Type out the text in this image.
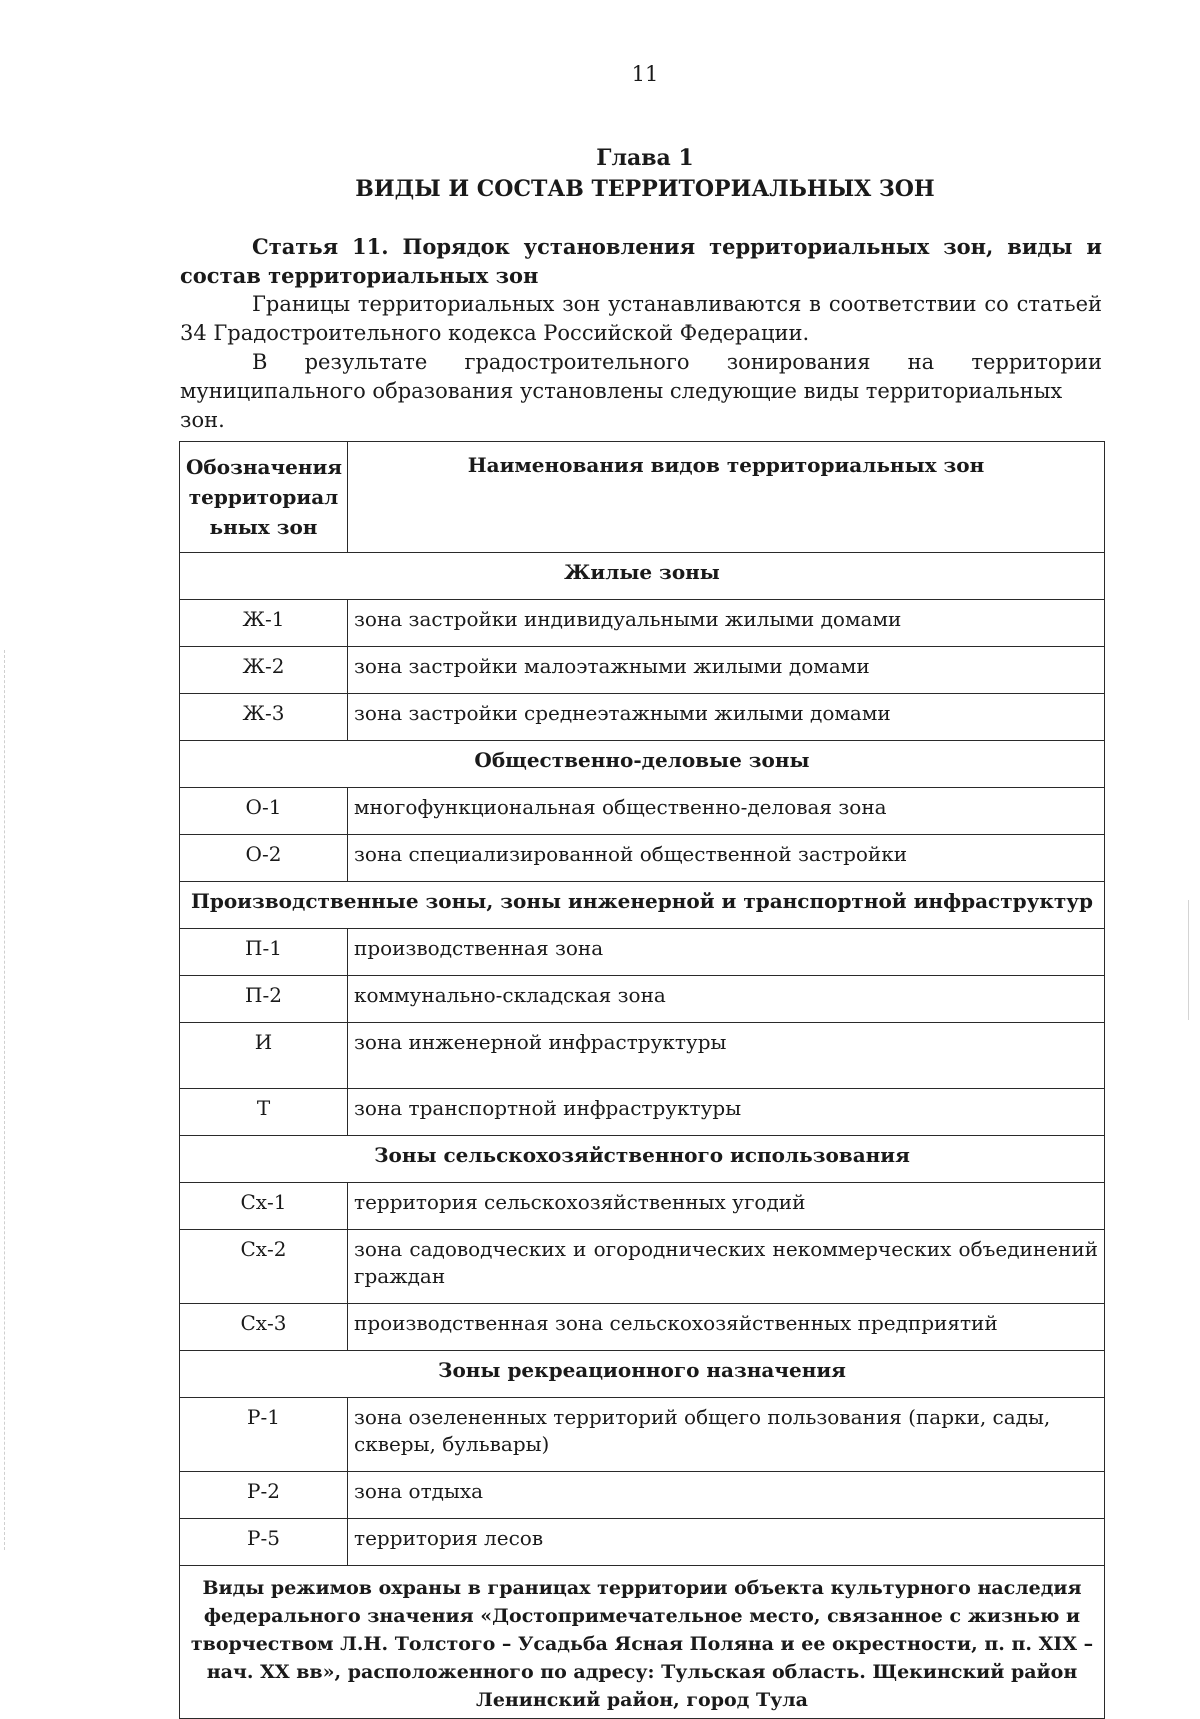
11
Глава 1
ВИДЫ И СОСТАВ ТЕРРИТОРИАЛЬНЫХ ЗОН
Статья 11. Порядок установления территориальных зон, виды и состав территориальных зон
Границы территориальных зон устанавливаются в соответствии со статьей 34 Градостроительного кодекса Российской Федерации.
В результате градостроительного зонирования на территории
муниципального образования установлены следующие виды территориальных зон.
Обозначения территориал ьных зон	Наименования видов территориальных зон
Жилые зоны	
Ж-1	зона застройки индивидуальными жилыми домами
Ж-2	зона застройки малоэтажными жилыми домами
Ж-3	зона застройки среднеэтажными жилыми домами
Общественно-деловые зоны	
О-1	многофункциональная общественно-деловая зона
О-2	зона специализированной общественной застройки
Производственные зоны, зоны инженерной и транспортной инфраструктур	
П-1	производственная зона
П-2	коммунально-складская зона
И	зона инженерной инфраструктуры
Т	зона транспортной инфраструктуры
Зоны сельскохозяйственного использования	
Сх-1	территория сельскохозяйственных угодий
Сх-2	зона садоводческих и огороднических некоммерческих объединений граждан
Сх-3	производственная зона сельскохозяйственных предприятий
Зоны рекреационного назначения	
Р-1	зона озелененных территорий общего пользования (парки, сады, скверы, бульвары)
Р-2	зона отдыха
Р-5	территория лесов
Виды режимов охраны в границах территории объекта культурного наследия федерального значения «Достопримечательное место, связанное с жизнью и творчеством Л.Н. Толстого – Усадьба Ясная Поляна и ее окрестности, п. п. XIX – нач. XX вв», расположенного по адресу: Тульская область. Щекинский район Ленинский район, город Тула	
